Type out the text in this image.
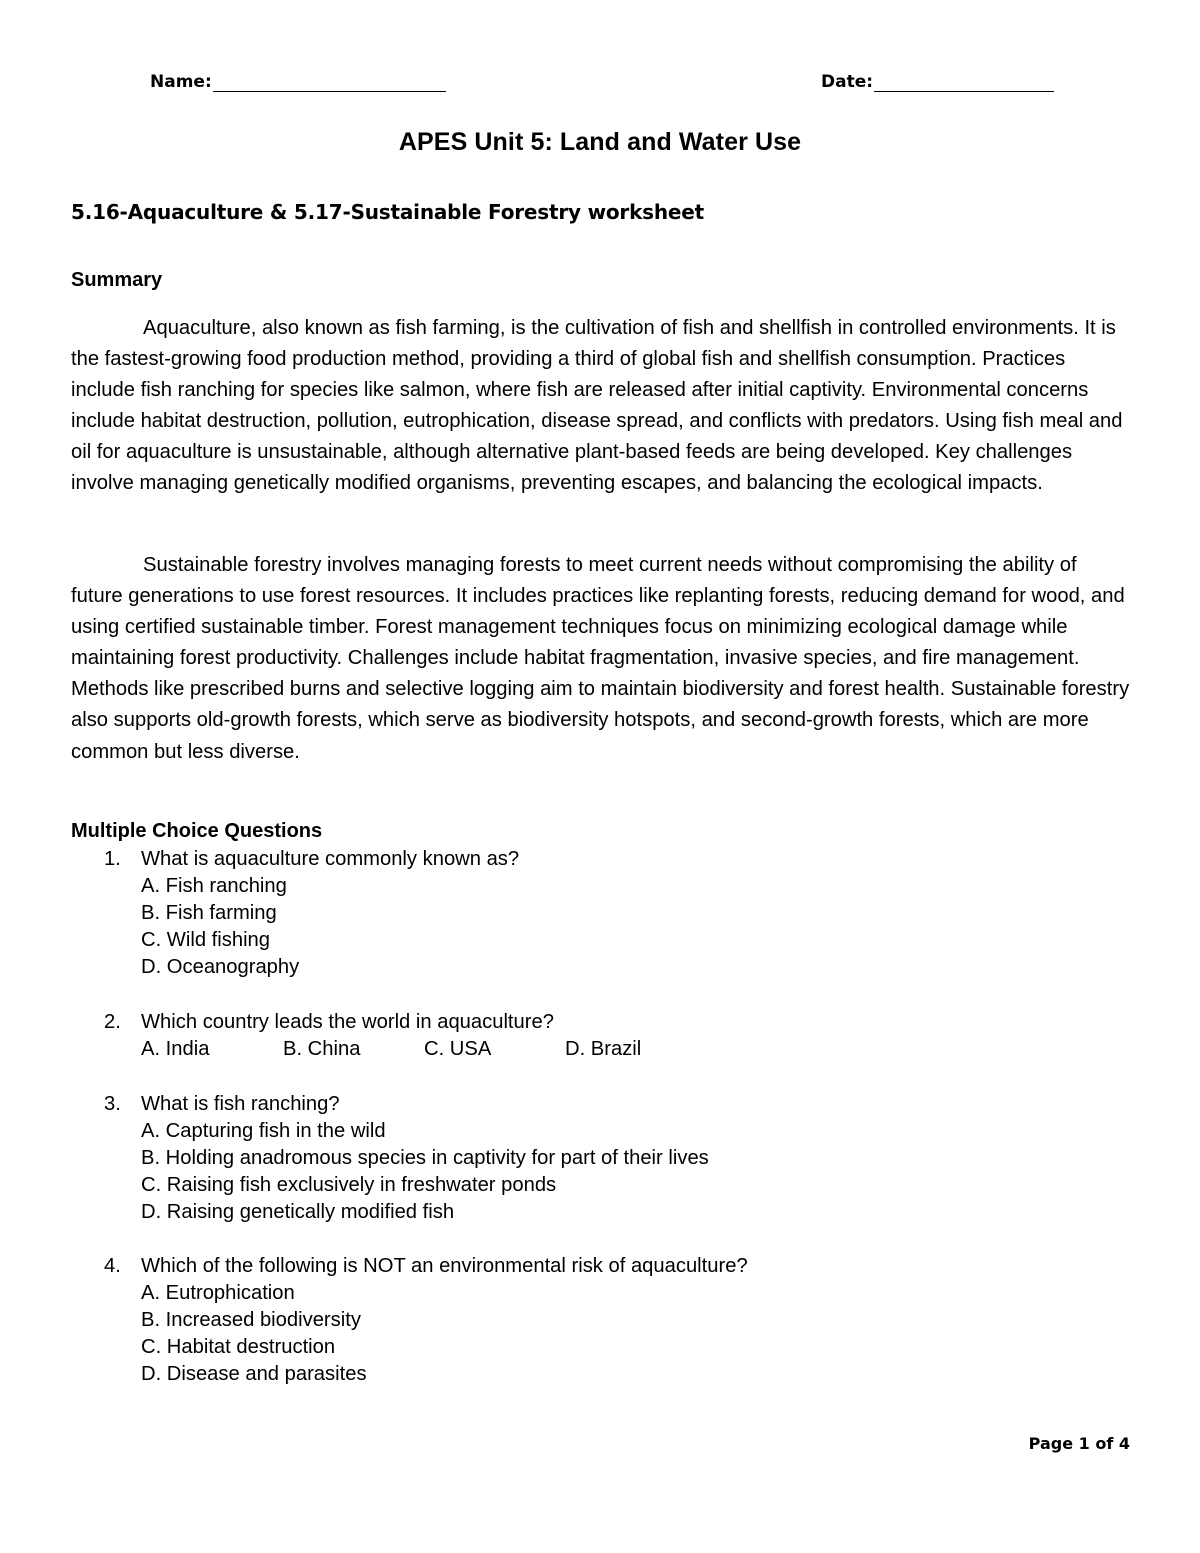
Name:	Date:
APES Unit 5: Land and Water Use
5.16-Aquaculture & 5.17-Sustainable Forestry worksheet
Summary

Aquaculture, also known as fish farming, is the cultivation of fish and shellfish in controlled environments. It is the fastest-growing food production method, providing a third of global fish and shellfish consumption. Practices include fish ranching for species like salmon, where fish are released after initial captivity. Environmental concerns include habitat destruction, pollution, eutrophication, disease spread, and conflicts with predators. Using fish meal and oil for aquaculture is unsustainable, although alternative plant-based feeds are being developed. Key challenges involve managing genetically modified organisms, preventing escapes, and balancing the ecological impacts.

Sustainable forestry involves managing forests to meet current needs without compromising the ability of future generations to use forest resources. It includes practices like replanting forests, reducing demand for wood, and using certified sustainable timber. Forest management techniques focus on minimizing ecological damage while maintaining forest productivity. Challenges include habitat fragmentation, invasive species, and fire management. Methods like prescribed burns and selective logging aim to maintain biodiversity and forest health. Sustainable forestry also supports old-growth forests, which serve as biodiversity hotspots, and second-growth forests, which are more common but less diverse.

Multiple Choice Questions
1. What is aquaculture commonly known as?
A. Fish ranching
B. Fish farming
C. Wild fishing
D. Oceanography
2. Which country leads the world in aquaculture?
A. India	B. China	C. USA	D. Brazil
3. What is fish ranching?
A. Capturing fish in the wild
B. Holding anadromous species in captivity for part of their lives
C. Raising fish exclusively in freshwater ponds
D. Raising genetically modified fish
4. Which of the following is NOT an environmental risk of aquaculture?
A. Eutrophication
B. Increased biodiversity
C. Habitat destruction
D. Disease and parasites
Page 1 of 4
